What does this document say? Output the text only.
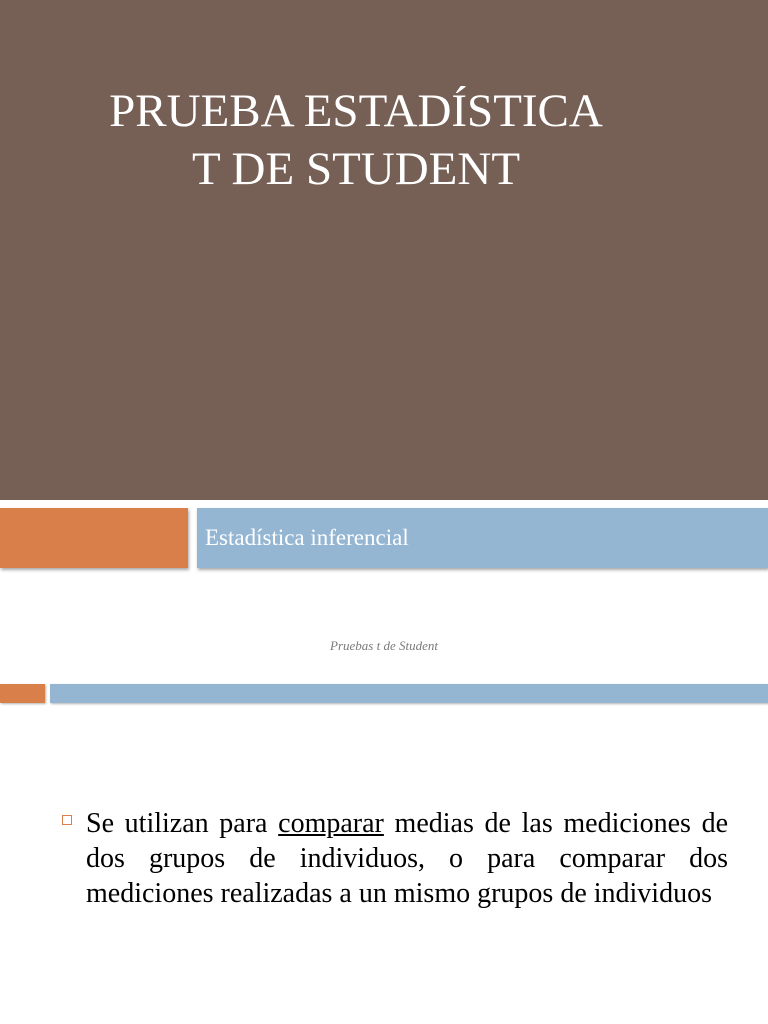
PRUEBA ESTADÍSTICA
T DE STUDENT
Estadística inferencial
Pruebas t de Student

Se utilizan para comparar medias de las mediciones de dos grupos de individuos, o para comparar dos mediciones realizadas a un mismo grupos de individuos
